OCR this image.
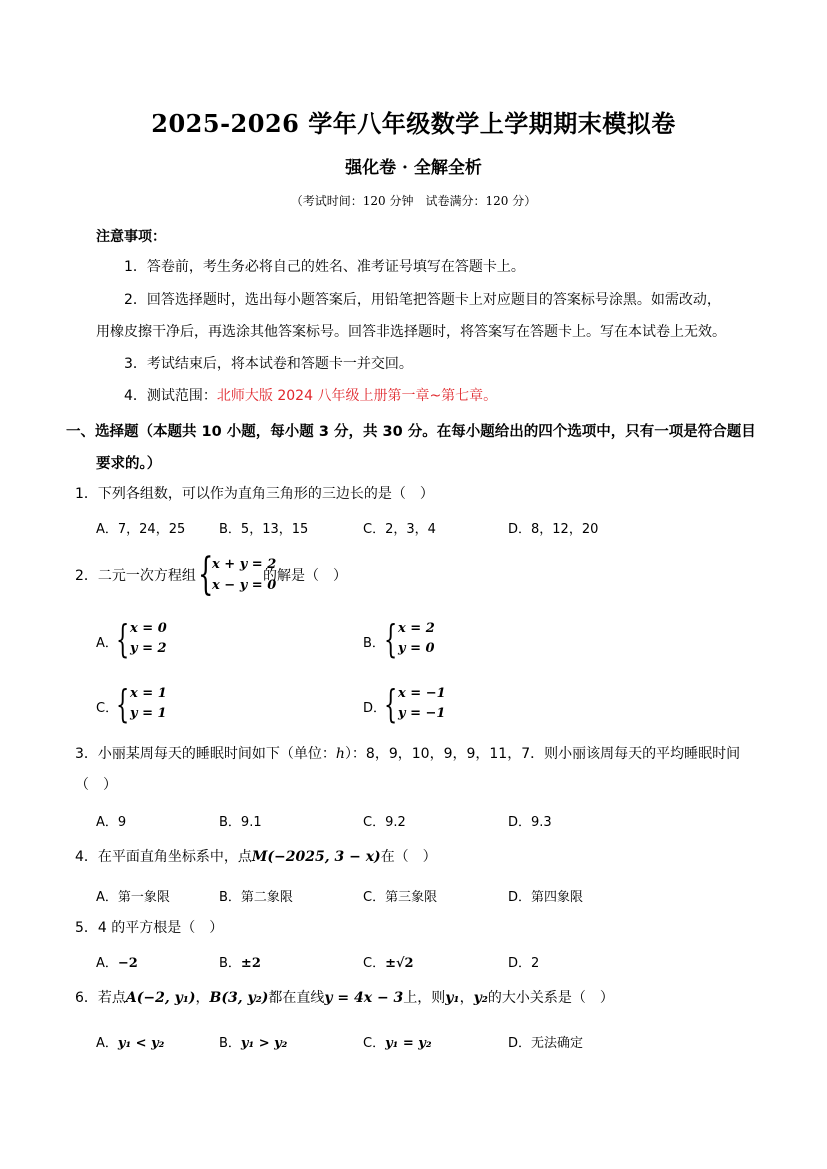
2025-2026 学年八年级数学上学期期末模拟卷
强化卷 · 全解全析
（考试时间：120 分钟　试卷满分：120 分）
注意事项：
1．答卷前，考生务必将自己的姓名、准考证号填写在答题卡上。
2．回答选择题时，选出每小题答案后，用铅笔把答题卡上对应题目的答案标号涂黑。如需改动，
用橡皮擦干净后，再选涂其他答案标号。回答非选择题时，将答案写在答题卡上。写在本试卷上无效。
3．考试结束后，将本试卷和答题卡一并交回。
4．测试范围：北师大版 2024 八年级上册第一章~第七章。
一、选择题（本题共 10 小题，每小题 3 分，共 30 分。在每小题给出的四个选项中，只有一项是符合题目
要求的。）
1．下列各组数，可以作为直角三角形的三边长的是（　）
A．7，24，25	B．5，13，15	C．2，3，4	D．8，12，20
2．二元一次方程组 {
x + y = 2
x − y = 0
的解是（　）
A．
{ x = 0
y = 2	B． { x = 2
y = 0
C．
{ x = 1
y = 1	D．
{ x = −1
y = −1
3．小丽某周每天的睡眠时间如下（单位：h）：8，9，10，9，9，11，7．则小丽该周每天的平均睡眠时间
（　）
A．9	B．9.1	C．9.2	D．9.3
4．在平面直角坐标系中，点M(−2025, 3 − x)在（　）
A．第一象限	B．第二象限	C．第三象限	D．第四象限
5．4 的平方根是（　）
A．−2	B．±2	C．±√2	D．2
6．若点A(−2, y₁)，B(3, y₂)都在直线y = 4x − 3上，则y₁，y₂的大小关系是（　）
A．y₁ < y₂	B．y₁ > y₂	C．y₁ = y₂	D．无法确定
